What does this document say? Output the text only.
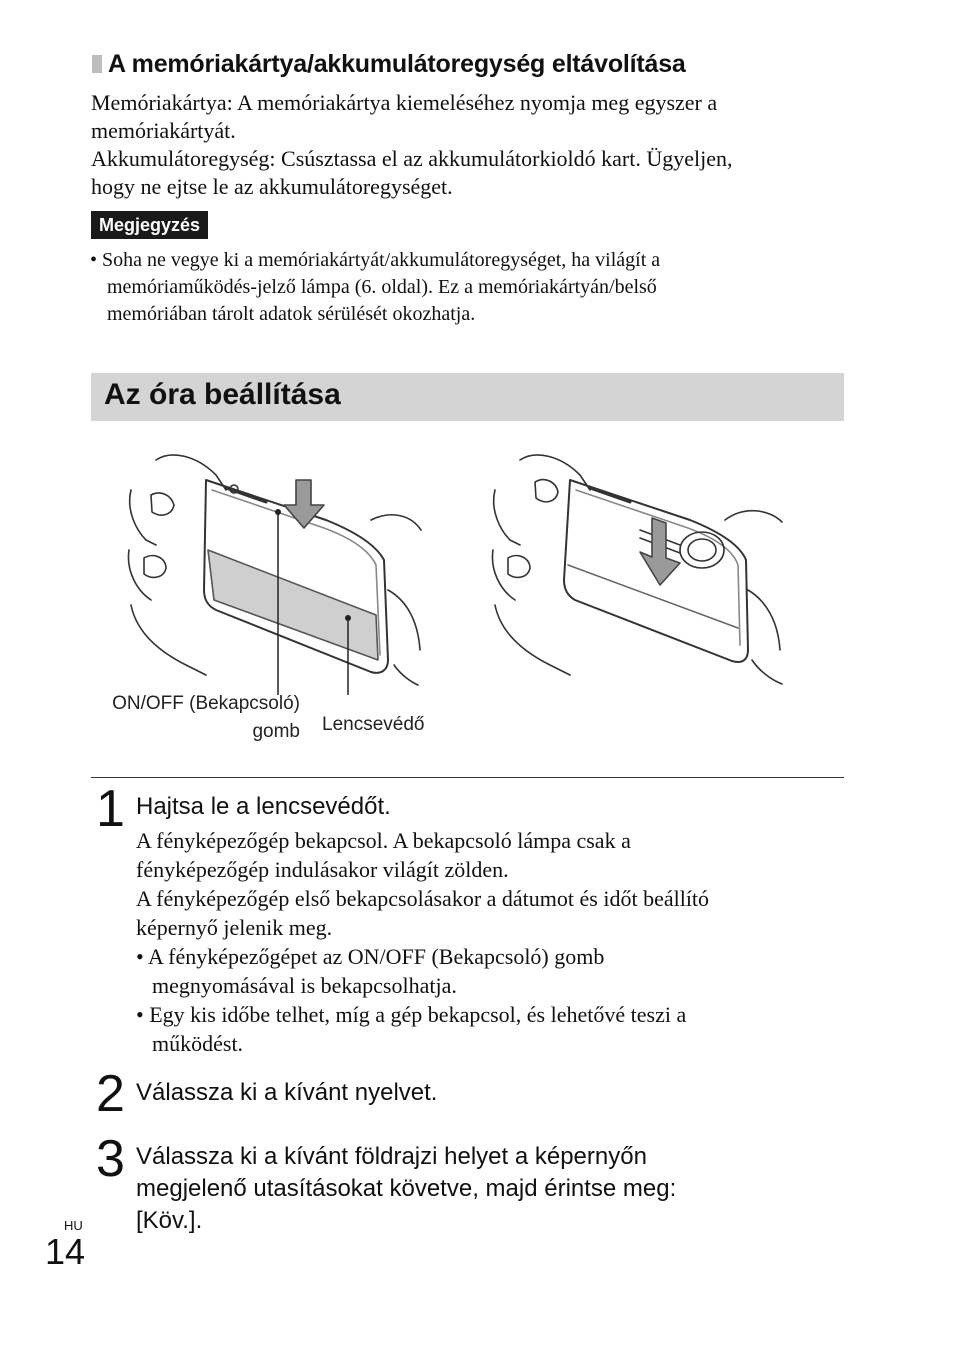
A memóriakártya/akkumulátoregység eltávolítása
Memóriakártya: A memóriakártya kiemeléséhez nyomja meg egyszer a
memóriakártyát.
Akkumulátoregység: Csúsztassa el az akkumulátorkioldó kart. Ügyeljen,
hogy ne ejtse le az akkumulátoregységet.
Megjegyzés
• Soha ne vegye ki a memóriakártyát/akkumulátoregységet, ha világít a
memóriaműködés-jelző lámpa (6. oldal). Ez a memóriakártyán/belső
memóriában tárolt adatok sérülését okozhatja.
Az óra beállítása
ON/OFF (Bekapcsoló)
gomb Lencsevédő
1 Hajtsa le a lencsevédőt.
A fényképezőgép bekapcsol. A bekapcsoló lámpa csak a
fényképezőgép indulásakor világít zölden.
A fényképezőgép első bekapcsolásakor a dátumot és időt beállító
képernyő jelenik meg.
• A fényképezőgépet az ON/OFF (Bekapcsoló) gomb
megnyomásával is bekapcsolhatja.
• Egy kis időbe telhet, míg a gép bekapcsol, és lehetővé teszi a
működést.
2 Válassza ki a kívánt nyelvet.
3 Válassza ki a kívánt földrajzi helyet a képernyőn
megjelenő utasításokat követve, majd érintse meg:
[Köv.].
HU
14
